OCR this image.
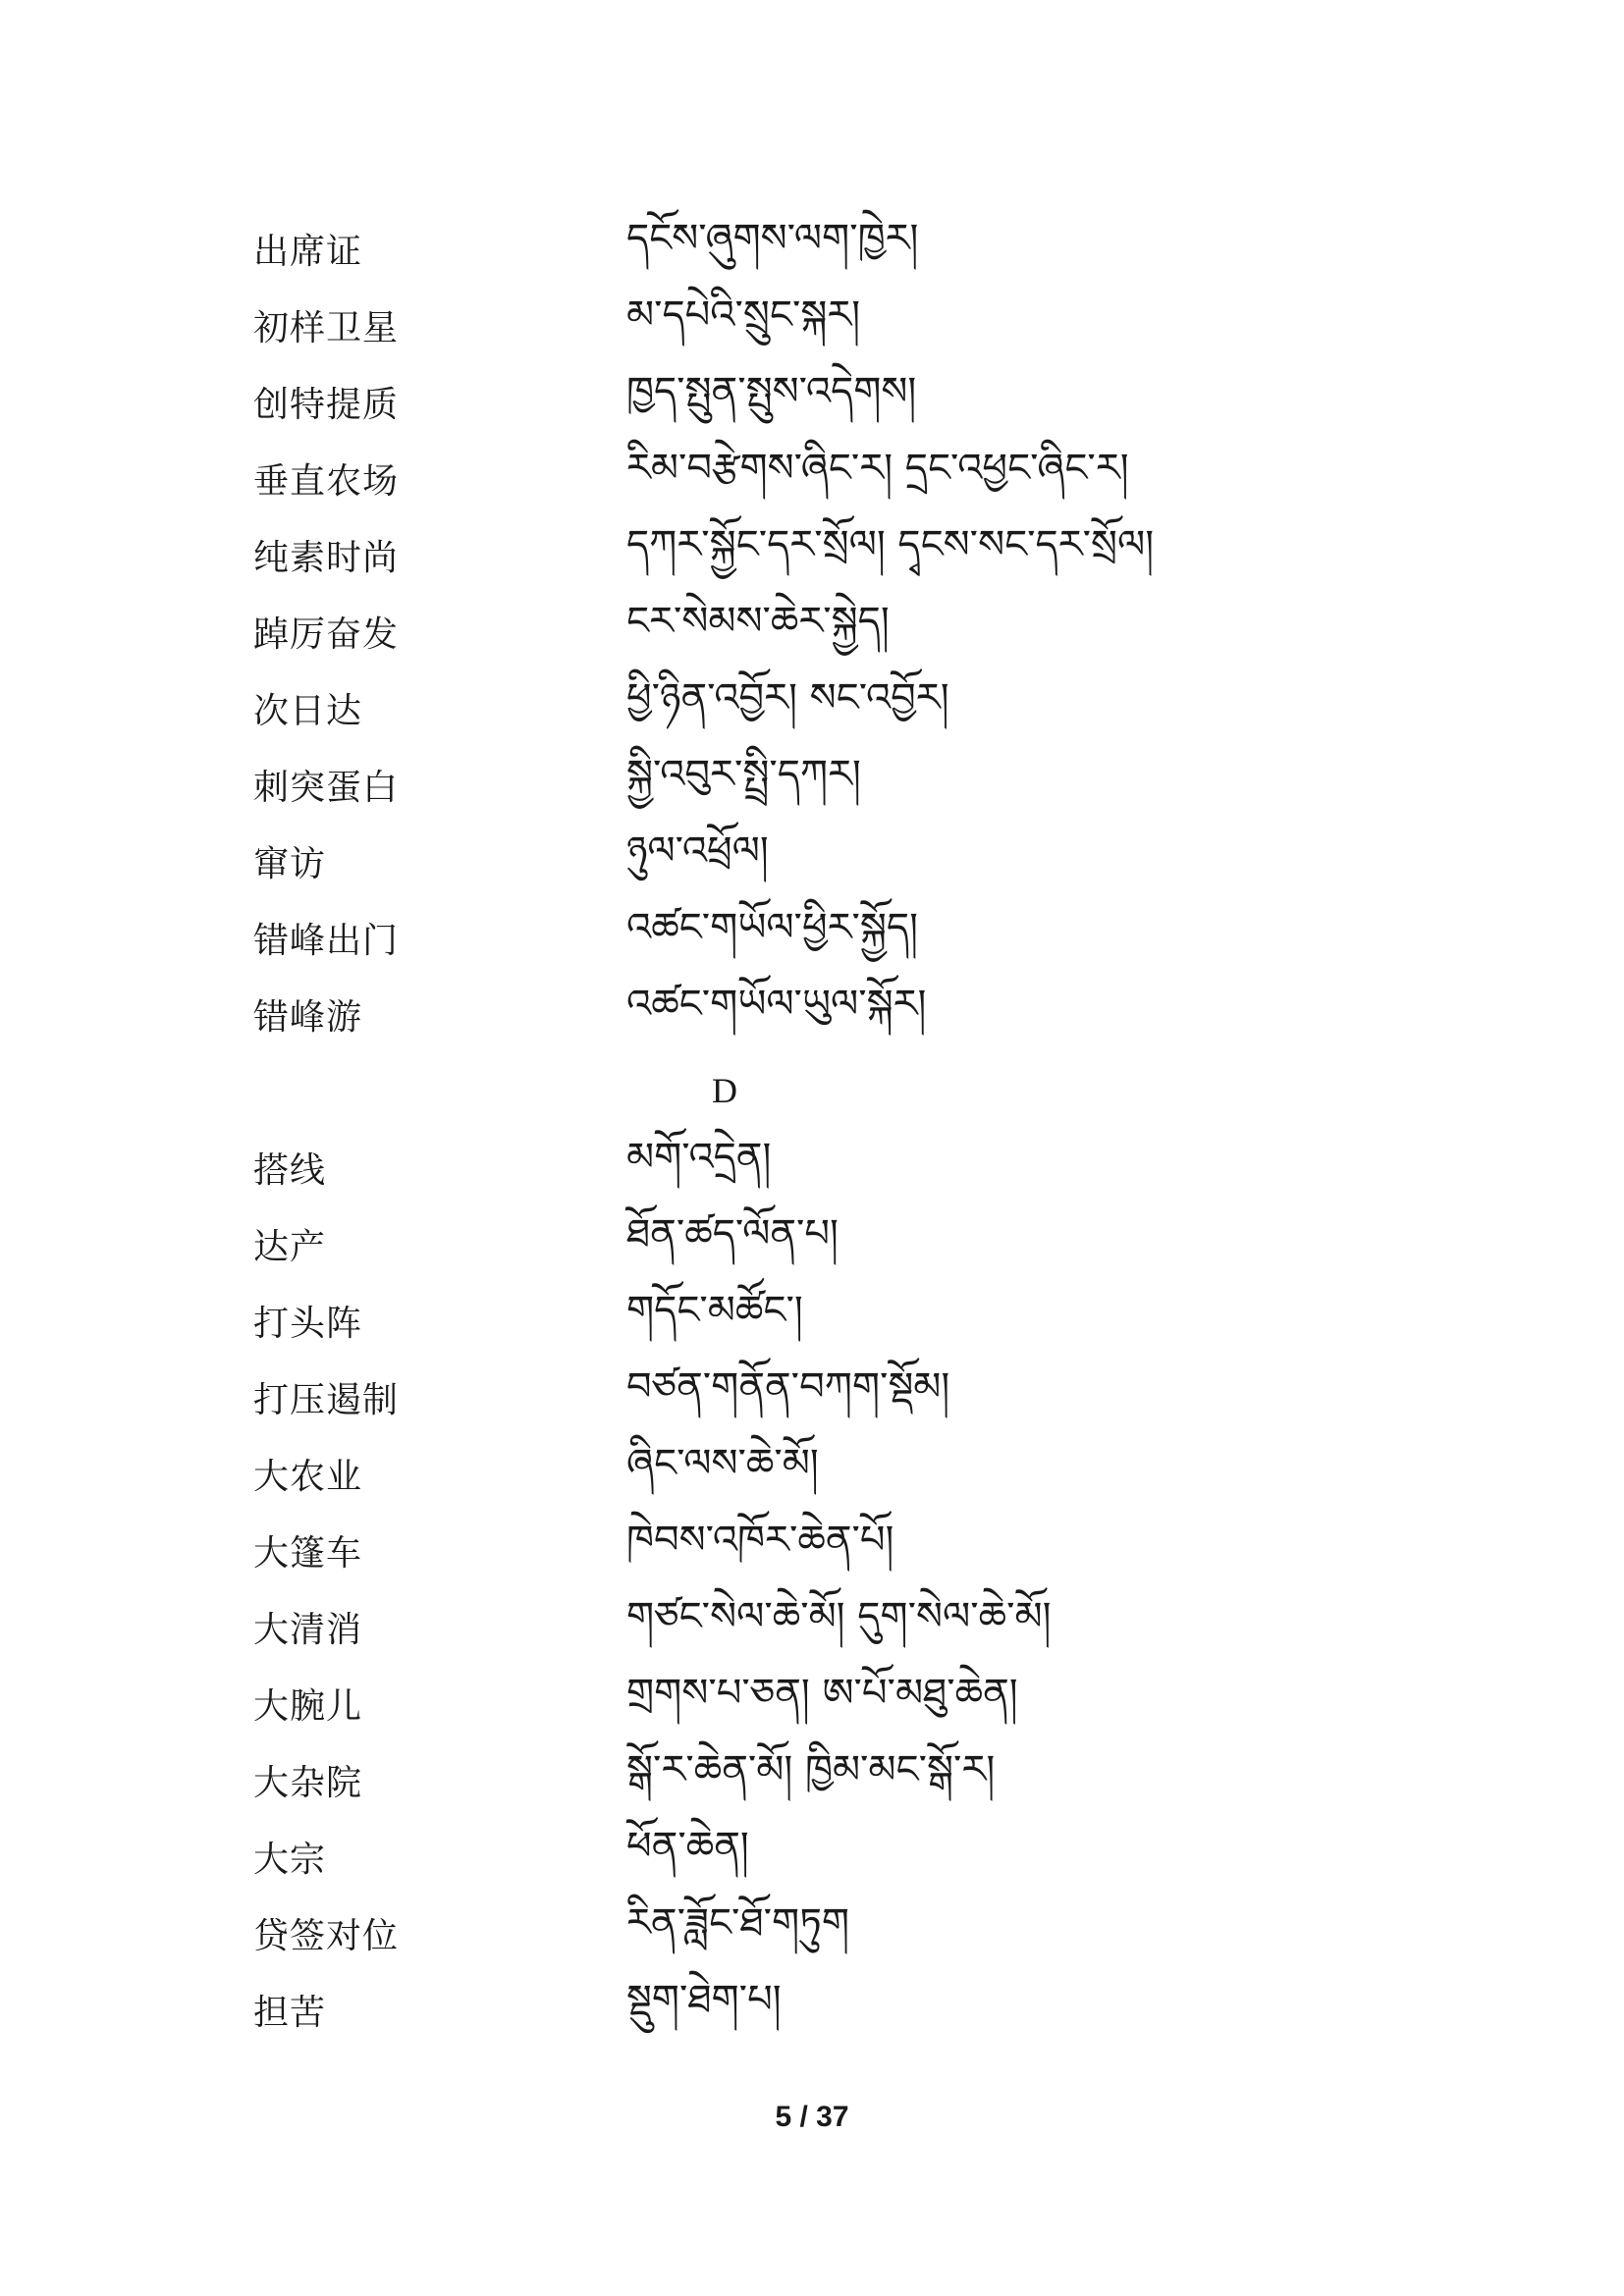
出席证	དངོས་ཞུགས་ལག་ཁྱེར།
初样卫星	མ་དཔེའི་སྲུང་སྐར།
创特提质	ཁྱད་སྤུན་སྤུས་འདེགས།
垂直农场	རིམ་བརྩེགས་ཞིང་ར། དྲང་འཕྱང་ཞིང་ར།
纯素时尚	དཀར་སྐྱོང་དར་སྲོལ། དྭངས་སང་དར་སྲོལ།
踔厉奋发	ངར་སེམས་ཆེར་སྐྱེད།
次日达	ཕྱི་ཉིན་འབྱོར། སང་འབྱོར།
刺突蛋白	སྐྱི་འབུར་སྤྲི་དཀར།
窜访	ཉུལ་འཕྲོལ།
错峰出门	འཚང་གཡོལ་ཕྱིར་སྐྱོད།
错峰游	འཚང་གཡོལ་ཡུལ་སྐོར།
D
搭线	མགོ་འདྲེན།
达产	ཐོན་ཚད་ལོན་པ།
打头阵	གདོང་མཚོང་།
打压遏制	བཙན་གནོན་བཀག་སྡོམ།
大农业	ཞིང་ལས་ཆེ་མོ།
大篷车	ཁེབས་འཁོར་ཆེན་པོ།
大清消	གཙང་སེལ་ཆེ་མོ། དུག་སེལ་ཆེ་མོ།
大腕儿	གྲགས་པ་ཅན། ཨ་པོ་མཐུ་ཆེན།
大杂院	སྒོ་ར་ཆེན་མོ། ཁྱིམ་མང་སྒོ་ར།
大宗	ཕོན་ཆེན།
贷签对位	རིན་ཟློང་ཐོ་གཏུག
担苦	སྡུག་ཐེག་པ།
5 / 37
